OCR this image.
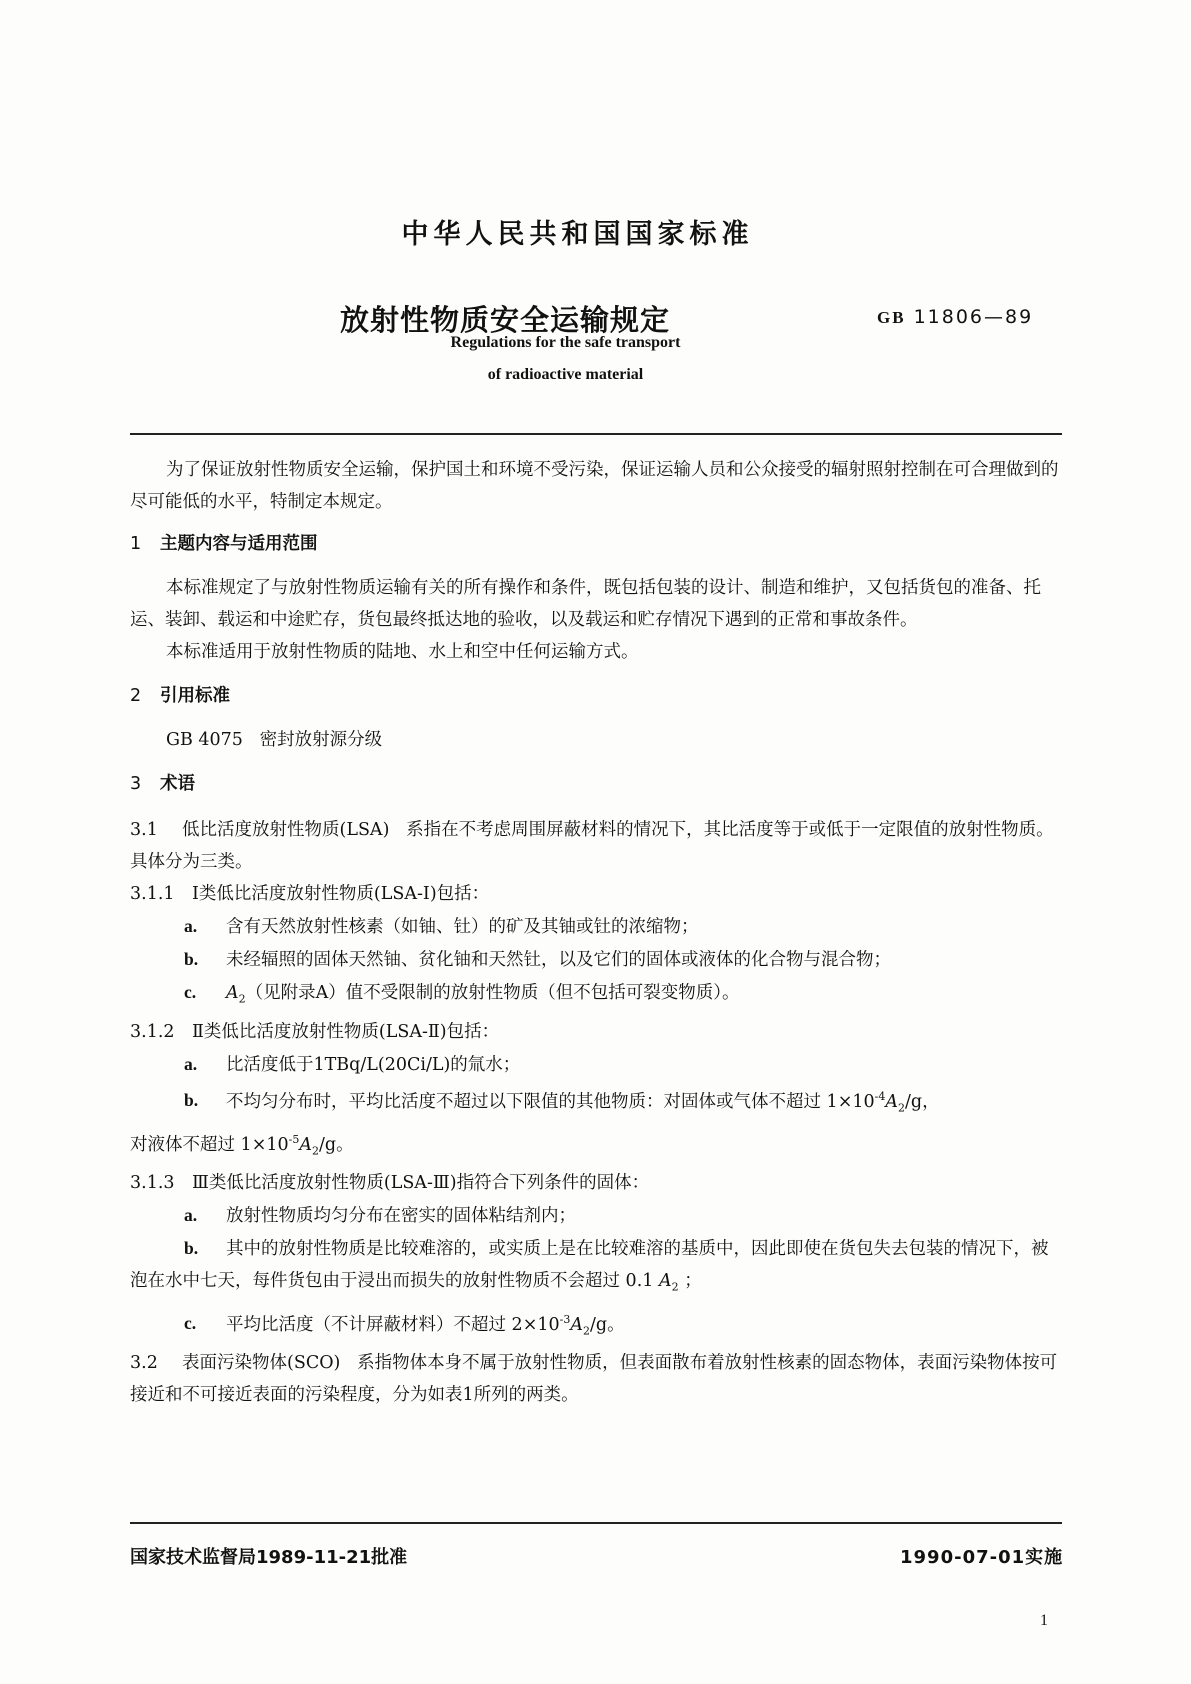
中华人民共和国国家标准
放射性物质安全运输规定	GB 11806—89
Regulations for the safe transport
of radioactive material

为了保证放射性物质安全运输，保护国土和环境不受污染，保证运输人员和公众接受的辐射照射控制在可合理做到的尽可能低的水平，特制定本规定。

1 主题内容与适用范围

本标准规定了与放射性物质运输有关的所有操作和条件，既包括包装的设计、制造和维护，又包括货包的准备、托运、装卸、载运和中途贮存，货包最终抵达地的验收，以及载运和贮存情况下遇到的正常和事故条件。

本标准适用于放射性物质的陆地、水上和空中任何运输方式。

2 引用标准

GB 4075 密封放射源分级

3 术语

3.1 低比活度放射性物质(LSA) 系指在不考虑周围屏蔽材料的情况下，其比活度等于或低于一定限值的放射性物质。具体分为三类。

3.1.1 Ⅰ类低比活度放射性物质(LSA-Ⅰ)包括：

a. 含有天然放射性核素（如铀、钍）的矿及其铀或钍的浓缩物；

b. 未经辐照的固体天然铀、贫化铀和天然钍，以及它们的固体或液体的化合物与混合物；

c. $A_2$（见附录A）值不受限制的放射性物质（但不包括可裂变物质）。

3.1.2 Ⅱ类低比活度放射性物质(LSA-Ⅱ)包括：

a. 比活度低于1TBq/L(20Ci/L)的氚水；

b. 不均匀分布时，平均比活度不超过以下限值的其他物质：对固体或气体不超过 $1\times 10^{-4}A_2/g$，

对液体不超过 $1\times 10^{-5}A_2/g$。

3.1.3 Ⅲ类低比活度放射性物质(LSA-Ⅲ)指符合下列条件的固体：

a. 放射性物质均匀分布在密实的固体粘结剂内；

b. 其中的放射性物质是比较难溶的，或实质上是在比较难溶的基质中，因此即使在货包失去包装的情况下，被泡在水中七天，每件货包由于浸出而损失的放射性物质不会超过 0.1 $A_2$ ；

c. 平均比活度（不计屏蔽材料）不超过 $2\times 10^{-3}A_2/g$。

3.2 表面污染物体(SCO) 系指物体本身不属于放射性物质，但表面散布着放射性核素的固态物体，表面污染物体按可接近和不可接近表面的污染程度，分为如表1所列的两类。

国家技术监督局1989-11-21批准	1990-07-01实施
1
